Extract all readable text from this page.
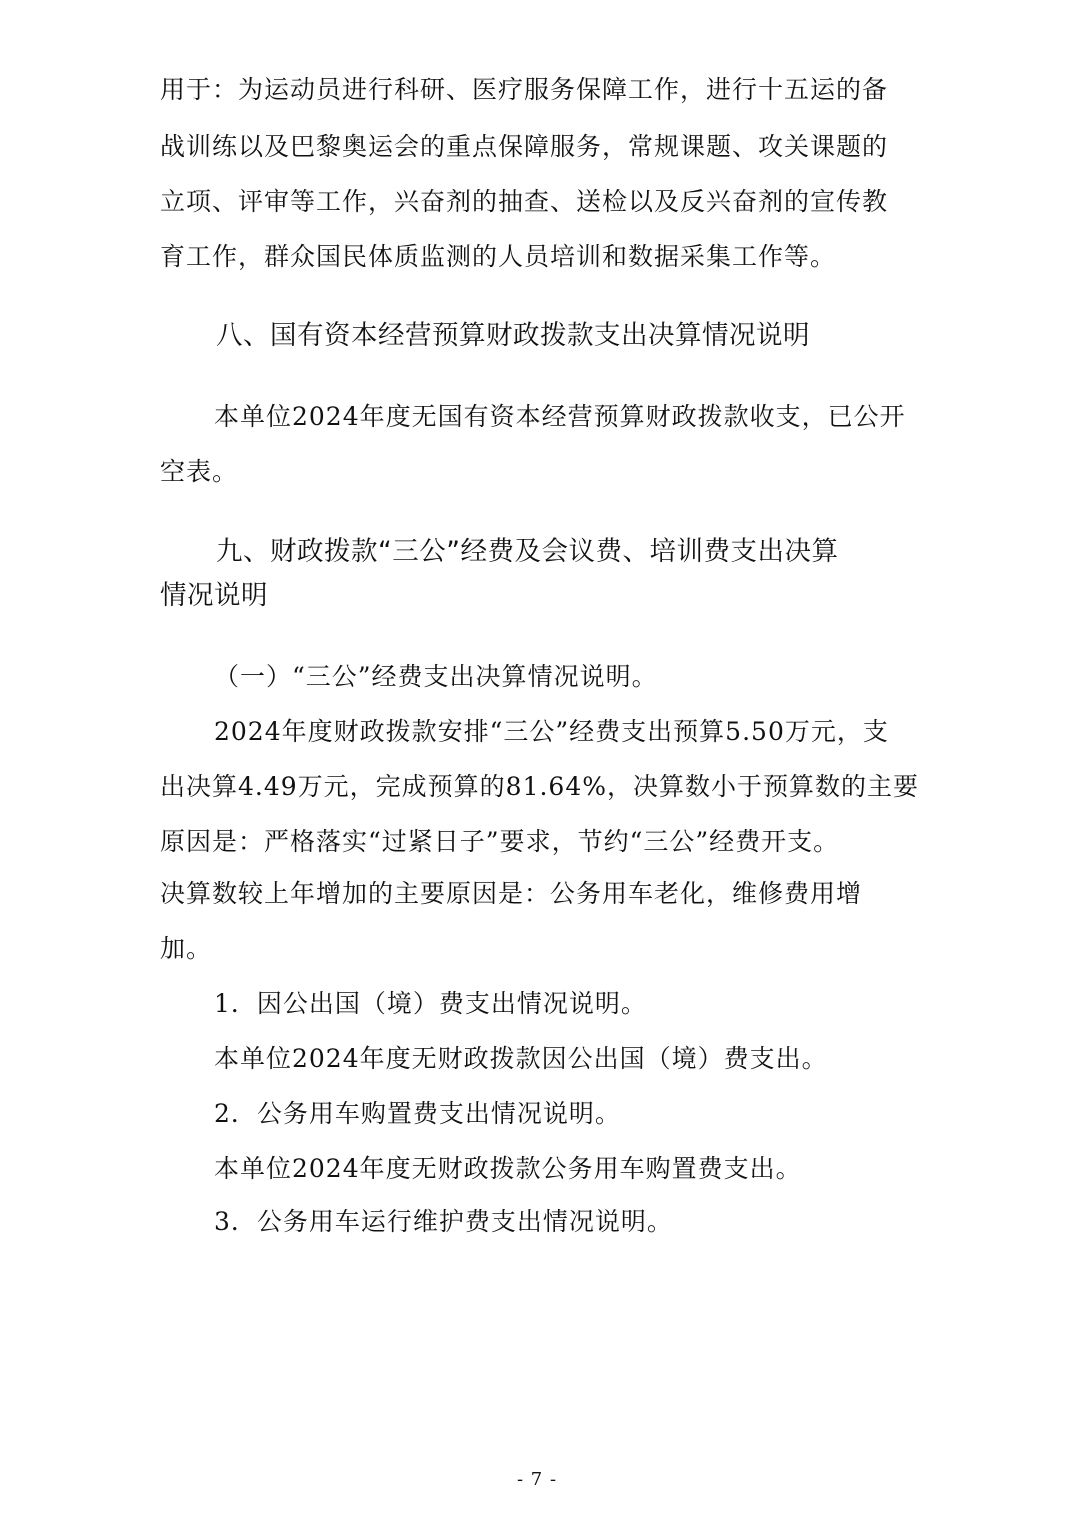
用于：为运动员进行科研、医疗服务保障工作，进行十五运的备
战训练以及巴黎奥运会的重点保障服务，常规课题、攻关课题的
立项、评审等工作，兴奋剂的抽查、送检以及反兴奋剂的宣传教
育工作，群众国民体质监测的人员培训和数据采集工作等。
八、国有资本经营预算财政拨款支出决算情况说明
本单位2024年度无国有资本经营预算财政拨款收支，已公开
空表。
九、财政拨款“三公”经费及会议费、培训费支出决算
情况说明
（一）“三公”经费支出决算情况说明。
2024年度财政拨款安排“三公”经费支出预算5.50万元，支
出决算4.49万元，完成预算的81.64%，决算数小于预算数的主要
原因是：严格落实“过紧日子”要求，节约“三公”经费开支。
决算数较上年增加的主要原因是：公务用车老化，维修费用增
加。
1．因公出国（境）费支出情况说明。
本单位2024年度无财政拨款因公出国（境）费支出。
2．公务用车购置费支出情况说明。
本单位2024年度无财政拨款公务用车购置费支出。
3．公务用车运行维护费支出情况说明。
- 7 -
